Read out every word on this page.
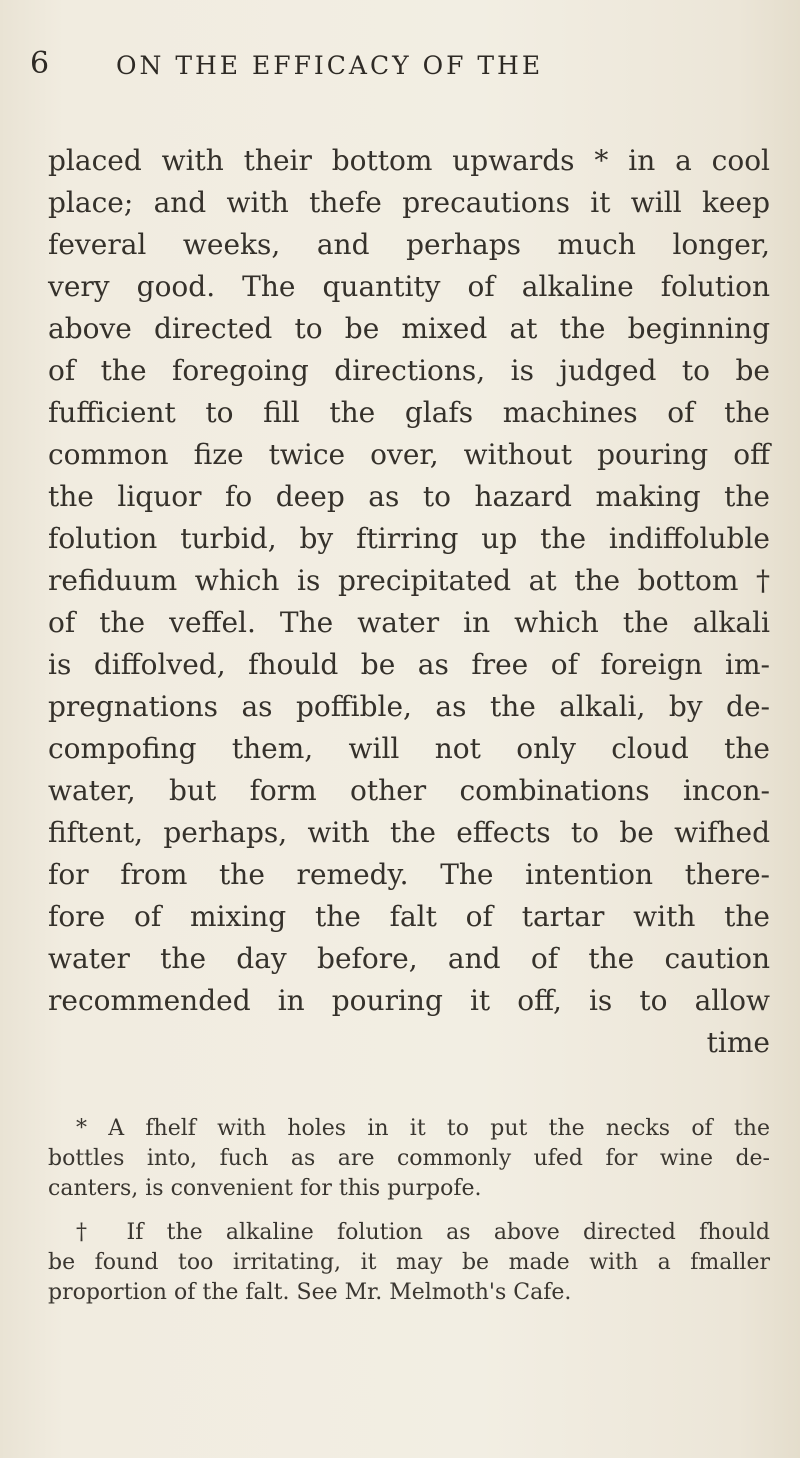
6	ON THE EFFICACY OF THE
placed with their bottom upwards * in a cool
place; and with thefe precautions it will keep
feveral weeks, and perhaps much longer,
very good. The quantity of alkaline folution
above directed to be mixed at the beginning
of the foregoing directions, is judged to be
fufficient to fill the glafs machines of the
common fize twice over, without pouring off
the liquor fo deep as to hazard making the
folution turbid, by ftirring up the indiffoluble
refiduum which is precipitated at the bottom †
of the veffel. The water in which the alkali
is diffolved, fhould be as free of foreign im-
pregnations as poffible, as the alkali, by de-
compofing them, will not only cloud the
water, but form other combinations incon-
fiftent, perhaps, with the effects to be wifhed
for from the remedy. The intention there-
fore of mixing the falt of tartar with the
water the day before, and of the caution
recommended in pouring it off, is to allow
time
* A fhelf with holes in it to put the necks of the
bottles into, fuch as are commonly ufed for wine de-
canters, is convenient for this purpofe.
† If the alkaline folution as above directed fhould
be found too irritating, it may be made with a fmaller
proportion of the falt. See Mr. Melmoth's Cafe.
